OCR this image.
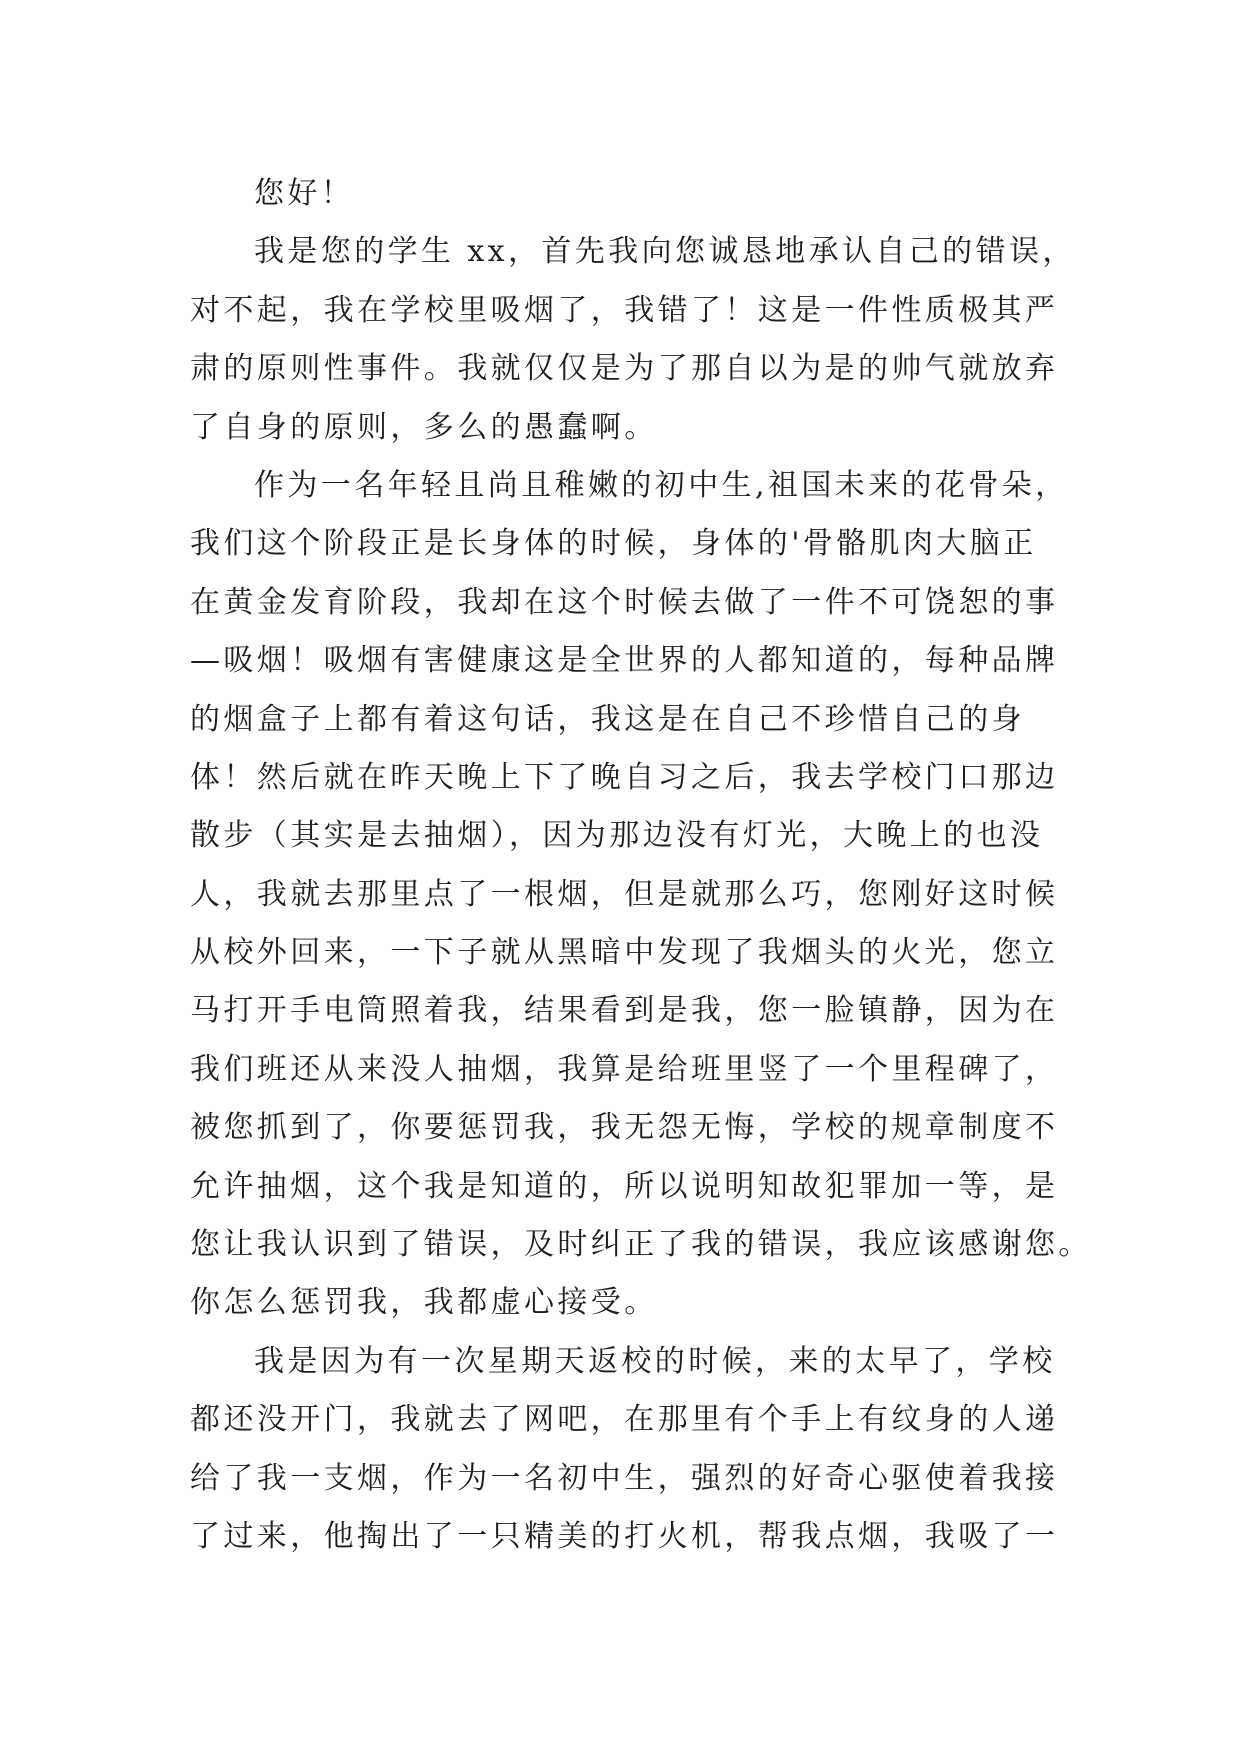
您好！
我是您的学生 xx，首先我向您诚恳地承认自己的错误，
对不起，我在学校里吸烟了，我错了！这是一件性质极其严
肃的原则性事件。我就仅仅是为了那自以为是的帅气就放弃
了自身的原则，多么的愚蠢啊。
作为一名年轻且尚且稚嫩的初中生,祖国未来的花骨朵，
我们这个阶段正是长身体的时候，身体的'骨骼肌肉大脑正
在黄金发育阶段，我却在这个时候去做了一件不可饶恕的事
—吸烟！吸烟有害健康这是全世界的人都知道的，每种品牌
的烟盒子上都有着这句话，我这是在自己不珍惜自己的身
体！然后就在昨天晚上下了晚自习之后，我去学校门口那边
散步（其实是去抽烟），因为那边没有灯光，大晚上的也没
人，我就去那里点了一根烟，但是就那么巧，您刚好这时候
从校外回来，一下子就从黑暗中发现了我烟头的火光，您立
马打开手电筒照着我，结果看到是我，您一脸镇静，因为在
我们班还从来没人抽烟，我算是给班里竖了一个里程碑了，
被您抓到了，你要惩罚我，我无怨无悔，学校的规章制度不
允许抽烟，这个我是知道的，所以说明知故犯罪加一等，是
您让我认识到了错误，及时纠正了我的错误，我应该感谢您。
你怎么惩罚我，我都虚心接受。
我是因为有一次星期天返校的时候，来的太早了，学校
都还没开门，我就去了网吧，在那里有个手上有纹身的人递
给了我一支烟，作为一名初中生，强烈的好奇心驱使着我接
了过来，他掏出了一只精美的打火机，帮我点烟，我吸了一
